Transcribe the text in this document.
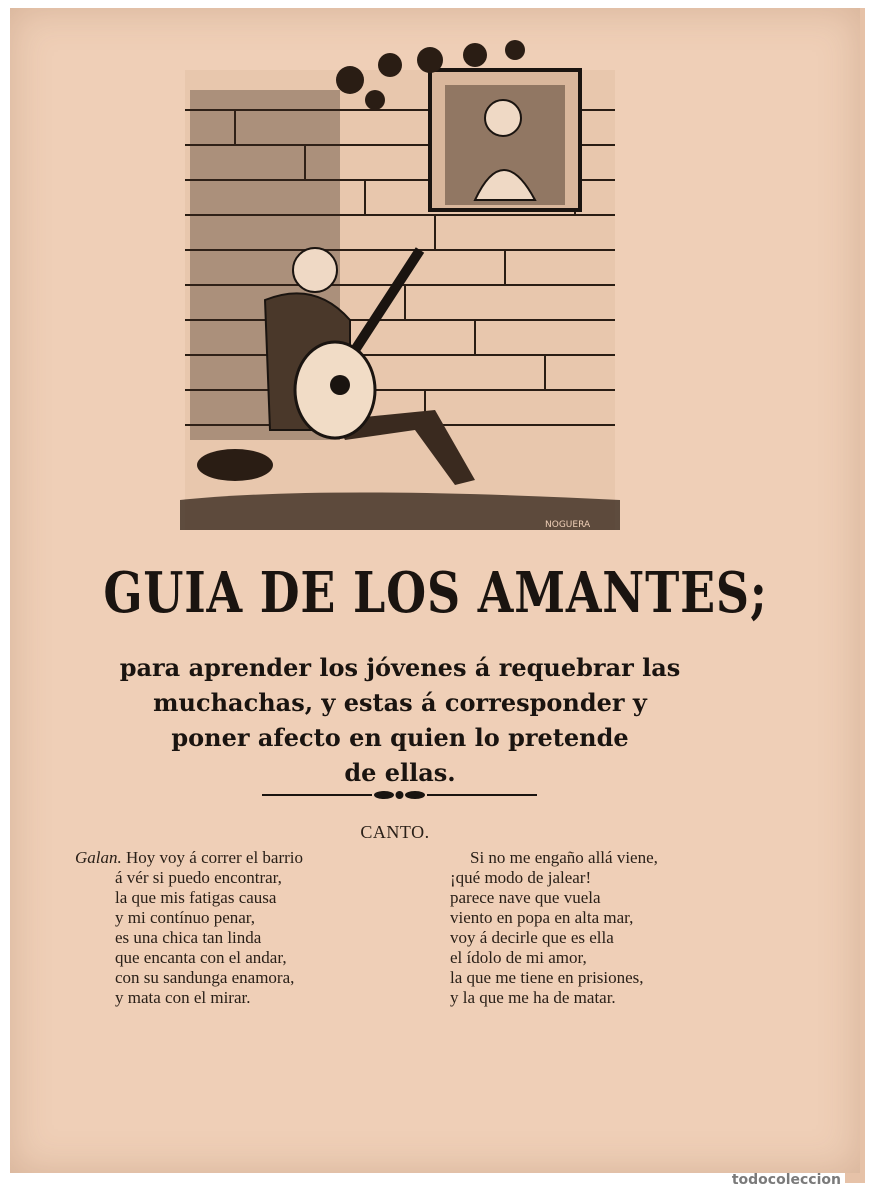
NOGUERA
GUIA DE LOS AMANTES;
para aprender los jóvenes á requebrar las
muchachas, y estas á corresponder y
poner afecto en quien lo pretende
de ellas.
CANTO.
Galan. Hoy voy á correr el barrio
á vér si puedo encontrar,
la que mis fatigas causa
y mi contínuo penar,
es una chica tan linda
que encanta con el andar,
con su sandunga enamora,
y mata con el mirar.
Si no me engaño allá viene,
¡qué modo de jalear!
parece nave que vuela
viento en popa en alta mar,
voy á decirle que es ella
el ídolo de mi amor,
la que me tiene en prisiones,
y la que me ha de matar.
todocoleccion
